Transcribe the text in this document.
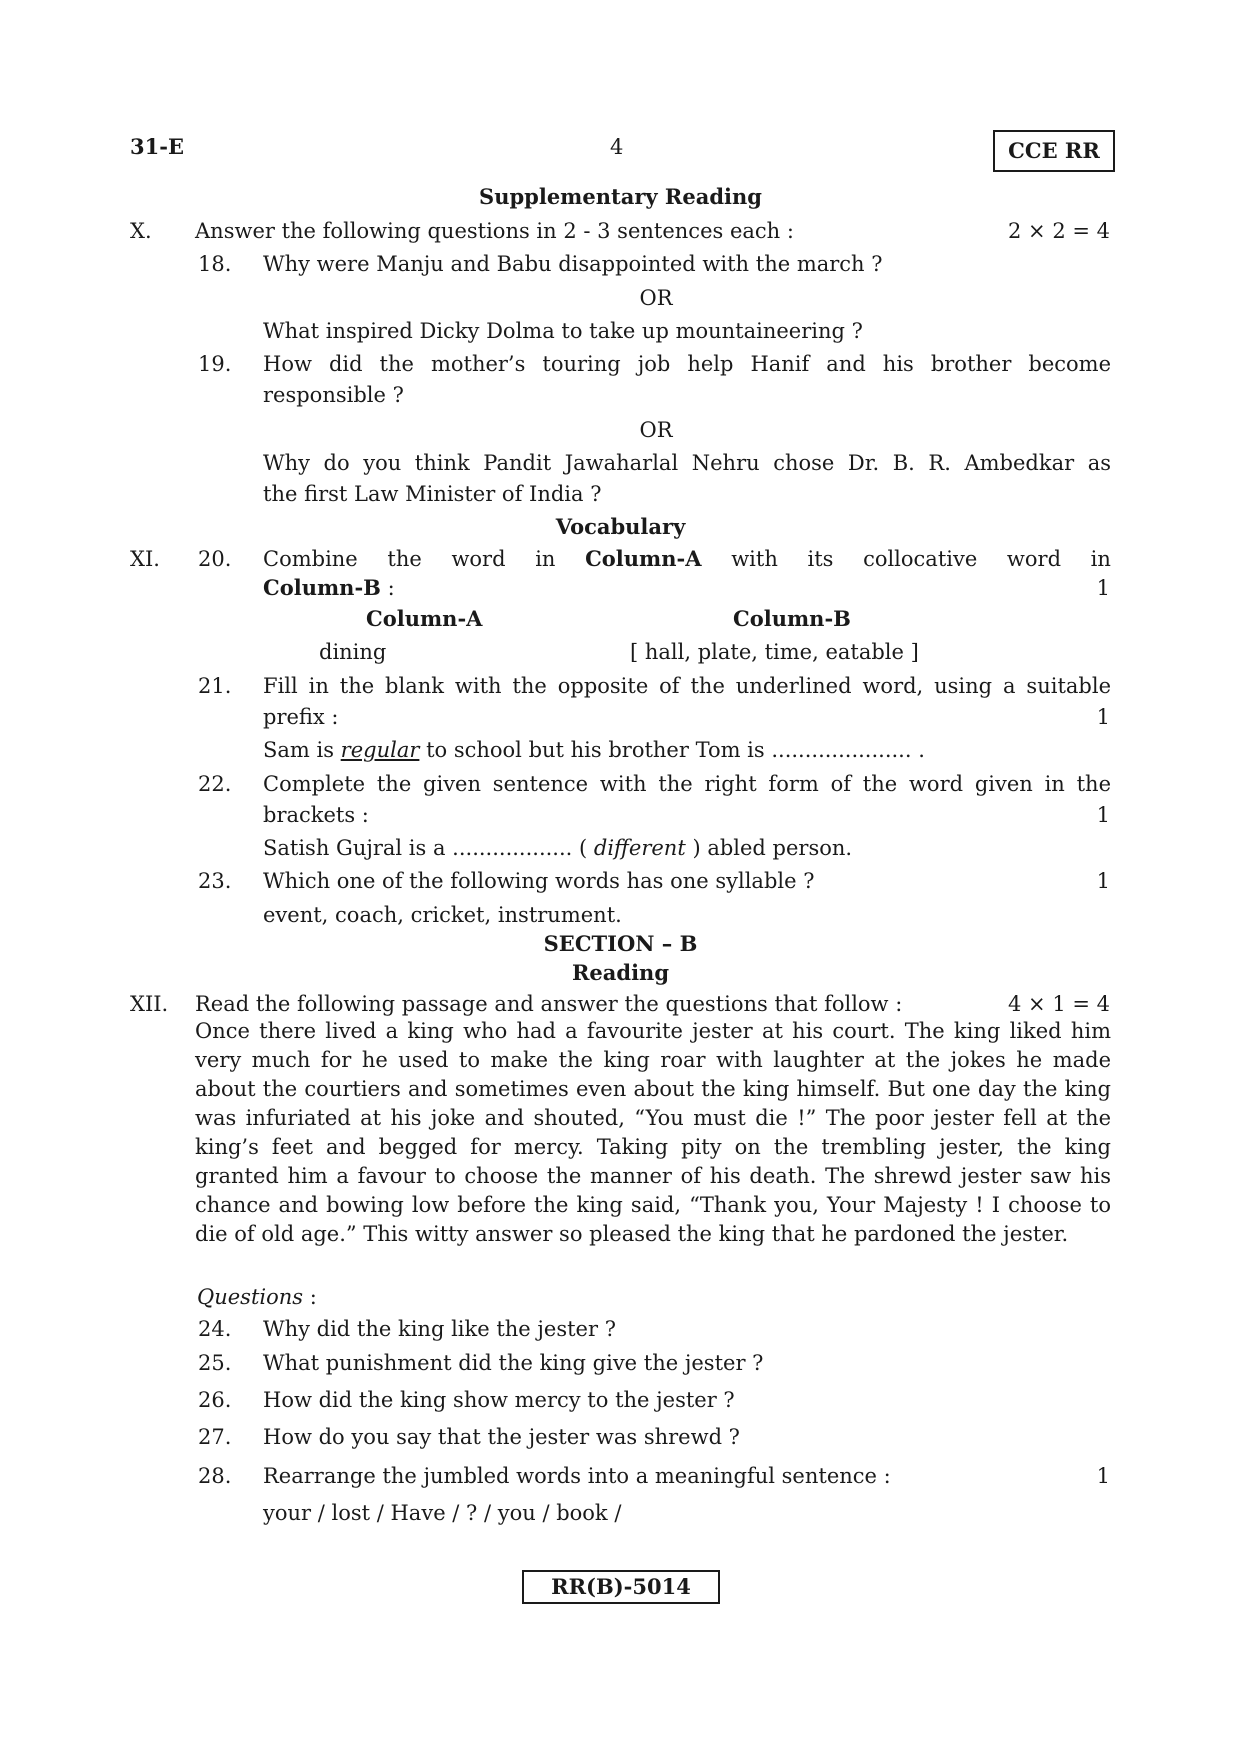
31-E	4	CCE RR
Supplementary Reading
X. Answer the following questions in 2 - 3 sentences each :	2 × 2 = 4
18. Why were Manju and Babu disappointed with the march ?
OR
What inspired Dicky Dolma to take up mountaineering ?
19. How did the mother’s touring job help Hanif and his brother become
responsible ?
OR
Why do you think Pandit Jawaharlal Nehru chose Dr. B. R. Ambedkar as
the first Law Minister of India ?
Vocabulary
XI. 20. Combine the word in Column-A with its collocative word in
Column-B :	1
Column-A	Column-B
dining	[ hall, plate, time, eatable ]
21. Fill in the blank with the opposite of the underlined word, using a suitable
prefix :	1
Sam is regular to school but his brother Tom is ..................... .
22. Complete the given sentence with the right form of the word given in the
brackets :	1
Satish Gujral is a .................. ( different ) abled person.
23. Which one of the following words has one syllable ?	1
event, coach, cricket, instrument.
SECTION – B
Reading
XII. Read the following passage and answer the questions that follow :	4 × 1 = 4
Once there lived a king who had a favourite jester at his court. The king liked him very much for he used to make the king roar with laughter at the jokes he made about the courtiers and sometimes even about the king himself. But one day the king was infuriated at his joke and shouted, “You must die !” The poor jester fell at the king’s feet and begged for mercy. Taking pity on the trembling jester, the king granted him a favour to choose the manner of his death. The shrewd jester saw his chance and bowing low before the king said, “Thank you, Your Majesty ! I choose to die of old age.” This witty answer so pleased the king that he pardoned the jester.
Questions :
24. Why did the king like the jester ?
25. What punishment did the king give the jester ?
26. How did the king show mercy to the jester ?
27. How do you say that the jester was shrewd ?
28. Rearrange the jumbled words into a meaningful sentence :	1
your / lost / Have / ? / you / book /
RR(B)-5014
